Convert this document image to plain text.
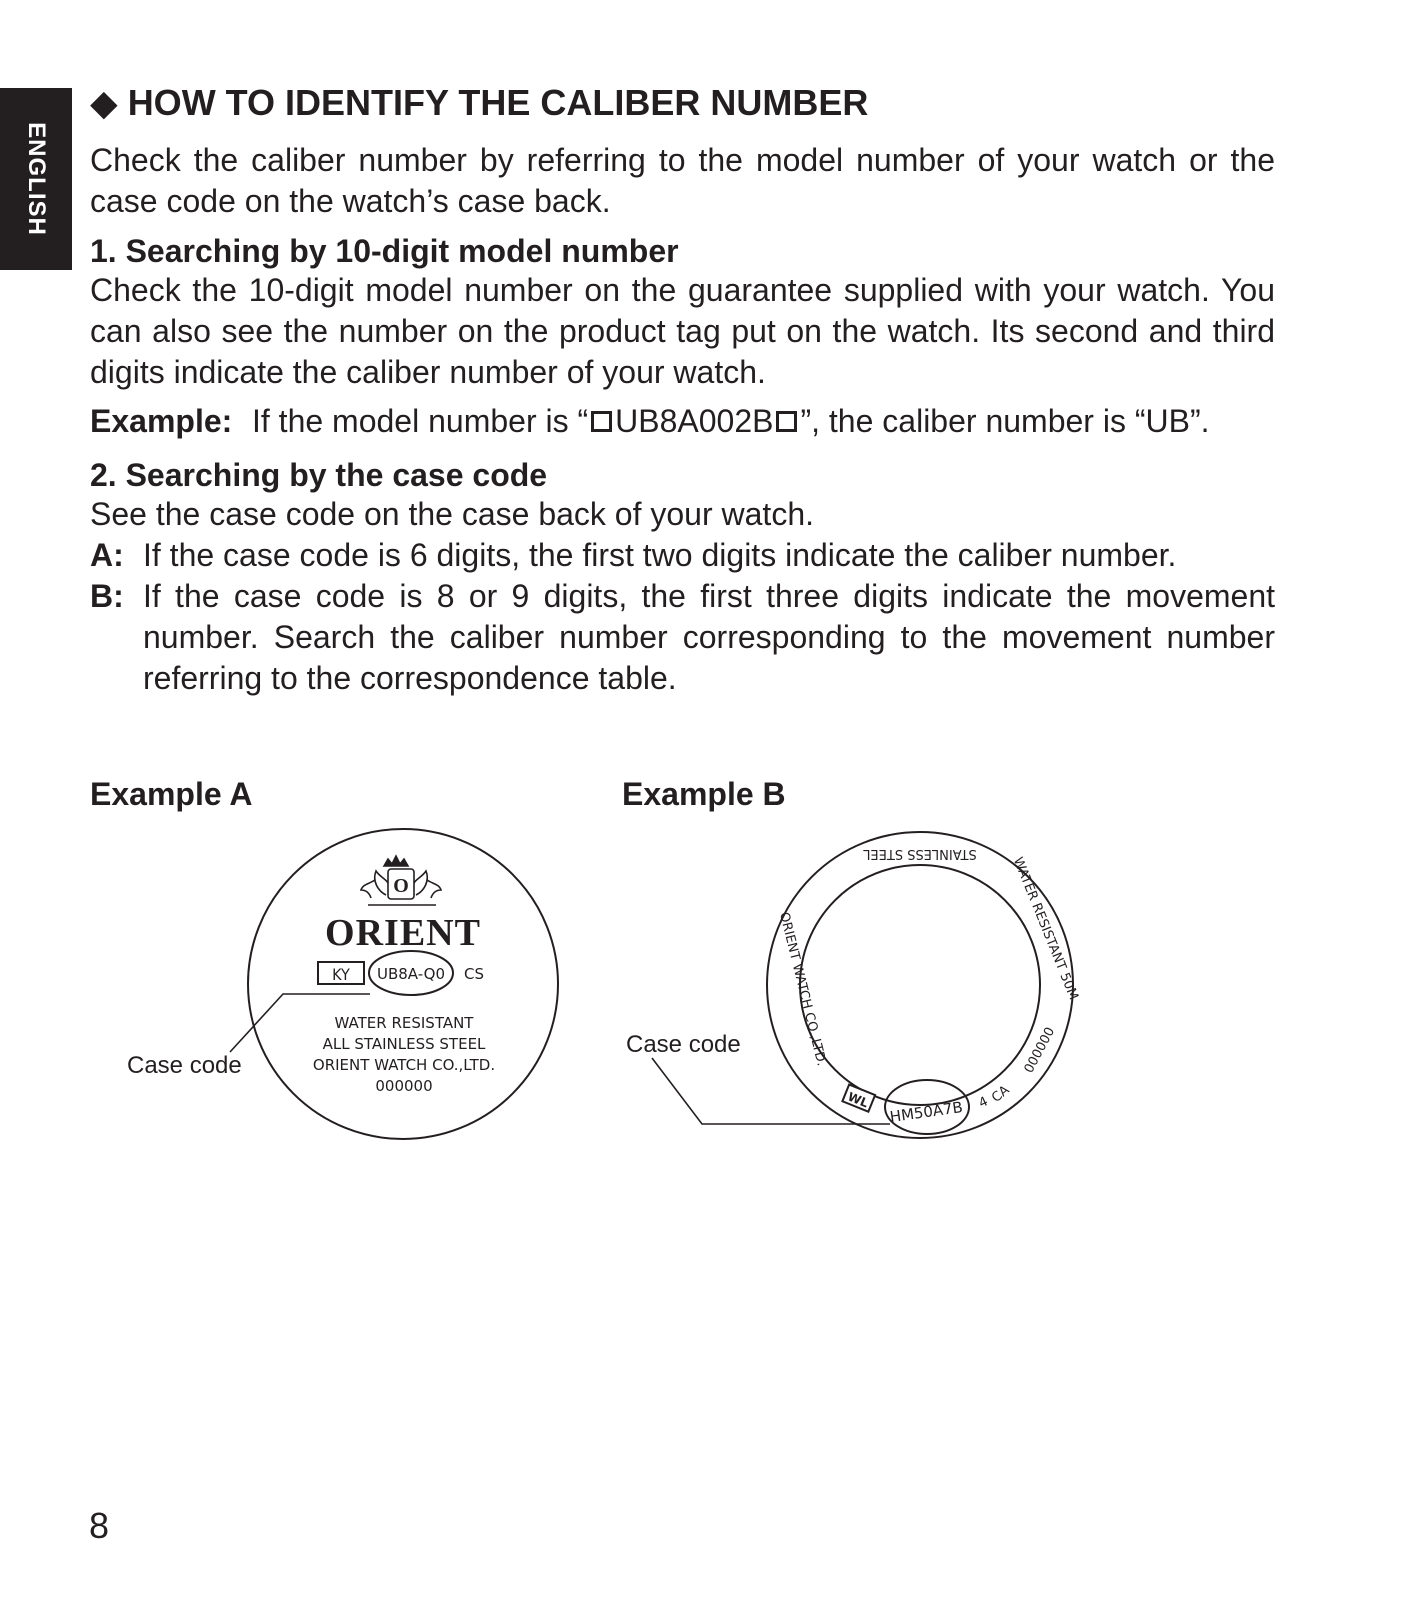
ENGLISH
◆ HOW TO IDENTIFY THE CALIBER NUMBER

Check the caliber number by referring to the model number of your watch or the case code on the watch’s case back.

1. Searching by 10-digit model number

Check the 10-digit model number on the guarantee supplied with your watch. You can also see the number on the product tag put on the watch. Its second and third digits indicate the caliber number of your watch.

Example: If the model number is “ UB8A002B ”, the caliber number is “UB”.
2. Searching by the case code

See the case code on the case back of your watch.

A: If the case code is 6 digits, the first two digits indicate the caliber number.
B: If the case code is 8 or 9 digits, the first three digits indicate the movement number. Search the caliber number corresponding to the movement number referring to the correspondence table.
Example A	Example B
O
ORIENT
KY UB8A-Q0 CS
WATER RESISTANT
ALL STAINLESS STEEL
ORIENT WATCH CO.,LTD.
000000
Case code
STAINLESS STEEL
WATER RESISTANT 50M
ORIENT WATCH CO.,LTD.	000000
CA
4
WL HM50A7B
Case code
8
